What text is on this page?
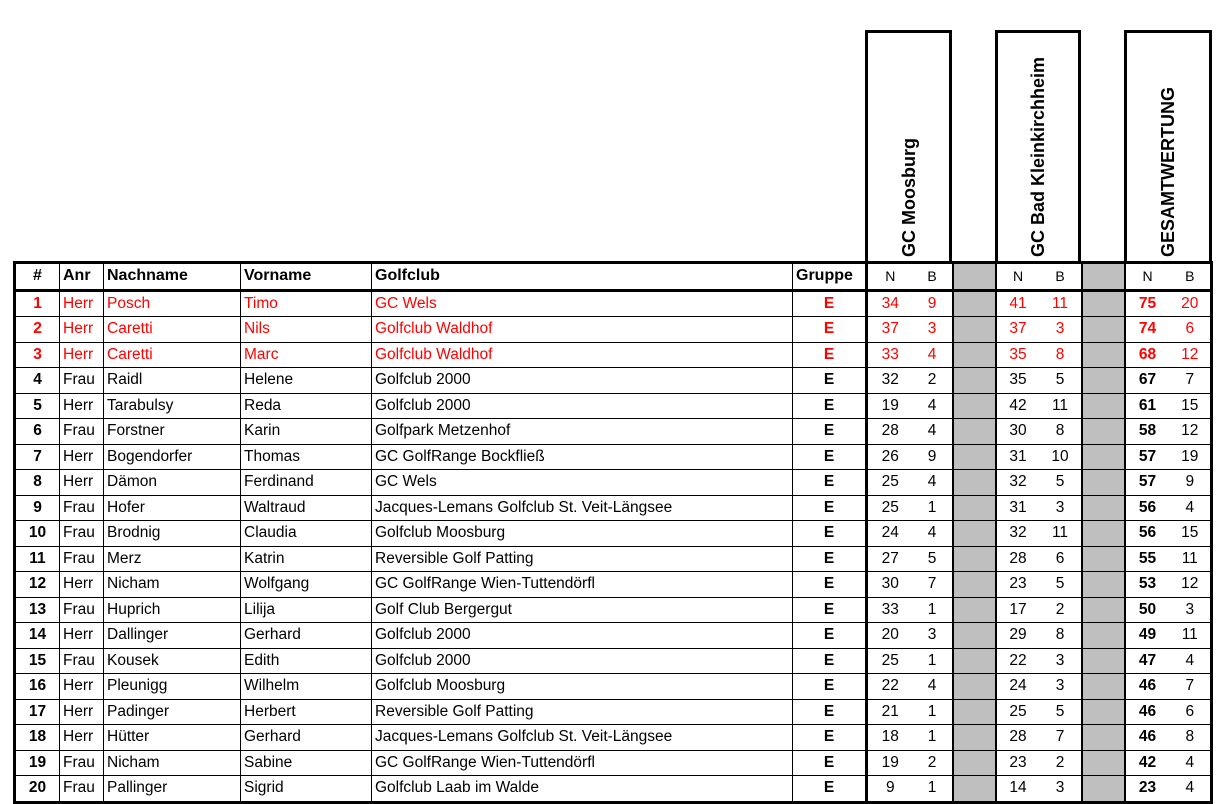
GC Moosburg	GC Bad Kleinkirchheim	GESAMTWERTUNG
#	Anr	Nachname	Vorname	Golfclub	Gruppe	N	B		N	B		N	B
1	Herr	Posch	Timo	GC Wels	E	34	9		41	11		75	20
2	Herr	Caretti	Nils	Golfclub Waldhof	E	37	3		37	3		74	6
3	Herr	Caretti	Marc	Golfclub Waldhof	E	33	4		35	8		68	12
4	Frau	Raidl	Helene	Golfclub 2000	E	32	2		35	5		67	7
5	Herr	Tarabulsy	Reda	Golfclub 2000	E	19	4		42	11		61	15
6	Frau	Forstner	Karin	Golfpark Metzenhof	E	28	4		30	8		58	12
7	Herr	Bogendorfer	Thomas	GC GolfRange Bockfließ	E	26	9		31	10		57	19
8	Herr	Dämon	Ferdinand	GC Wels	E	25	4		32	5		57	9
9	Frau	Hofer	Waltraud	Jacques-Lemans Golfclub St. Veit-Längsee	E	25	1		31	3		56	4
10	Frau	Brodnig	Claudia	Golfclub Moosburg	E	24	4		32	11		56	15
11	Frau	Merz	Katrin	Reversible Golf Patting	E	27	5		28	6		55	11
12	Herr	Nicham	Wolfgang	GC GolfRange Wien-Tuttendörfl	E	30	7		23	5		53	12
13	Frau	Huprich	Lilija	Golf Club Bergergut	E	33	1		17	2		50	3
14	Herr	Dallinger	Gerhard	Golfclub 2000	E	20	3		29	8		49	11
15	Frau	Kousek	Edith	Golfclub 2000	E	25	1		22	3		47	4
16	Herr	Pleunigg	Wilhelm	Golfclub Moosburg	E	22	4		24	3		46	7
17	Herr	Padinger	Herbert	Reversible Golf Patting	E	21	1		25	5		46	6
18	Herr	Hütter	Gerhard	Jacques-Lemans Golfclub St. Veit-Längsee	E	18	1		28	7		46	8
19	Frau	Nicham	Sabine	GC GolfRange Wien-Tuttendörfl	E	19	2		23	2		42	4
20	Frau	Pallinger	Sigrid	Golfclub Laab im Walde	E	9	1		14	3		23	4
